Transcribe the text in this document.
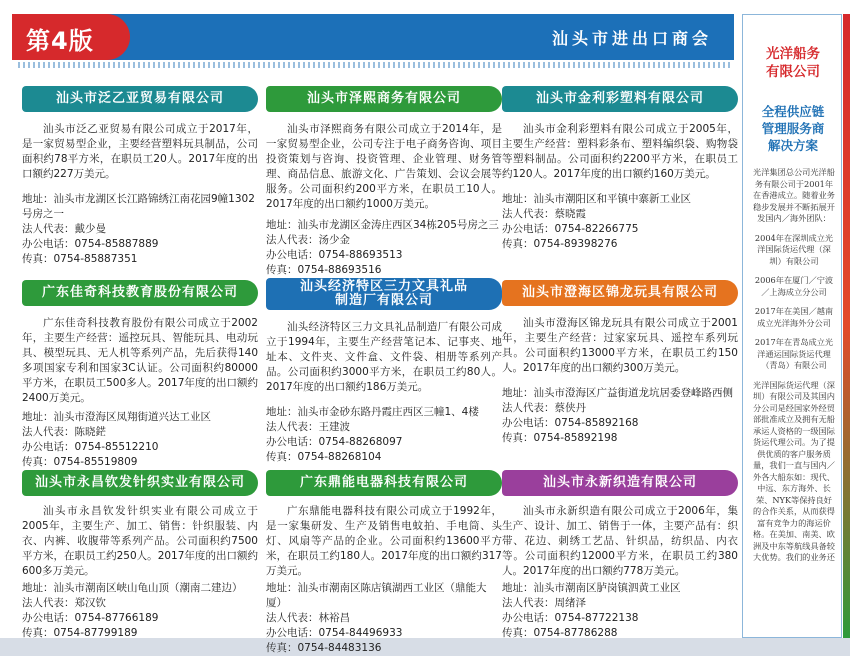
第4版	汕头市进出口商会
汕头市泛乙亚贸易有限公司
汕头市泛乙亚贸易有限公司成立于2017年，是一家贸易型企业，主要经营塑料玩具制品，公司面积约78平方米，在职员工20人。2017年度的出口额约227万美元。
地址：汕头市龙湖区长江路锦绣江南花园9幢1302号房之一
法人代表：戴少曼
办公电话：0754-85887889
传真：0754-85887351
汕头市泽熙商务有限公司
汕头市泽熙商务有限公司成立于2014年，是一家贸易型企业，公司专注于电子商务咨询、项目投资策划与咨询、投资管理、企业管理、财务管理、商品信息、旅游文化、广告策划、会议会展等服务。公司面积约200平方米，在职员工10人。2017年度的出口额约1000万美元。
地址：汕头市龙湖区金涛庄西区34栋205号房之三
法人代表：汤少金
办公电话：0754-88693513
传真：0754-88693516
汕头市金利彩塑料有限公司
汕头市金利彩塑料有限公司成立于2005年，主要生产经营：塑料彩条布、塑料编织袋、购物袋等塑料制品。公司面积约2200平方米，在职员工约120人。2017年度的出口额约160万美元。
地址：汕头市潮阳区和平镇中寨新工业区
法人代表：蔡晓霞
办公电话：0754-82266775
传真：0754-89398276
广东佳奇科技教育股份有限公司
广东佳奇科技教育股份有限公司成立于2002年，主要生产经营：遥控玩具、智能玩具、电动玩具、模型玩具、无人机等系列产品，先后获得140多项国家专利和国家3C认证。公司面积约80000平方米，在职员工500多人。2017年度的出口额约2400万美元。
地址：汕头市澄海区凤翔街道兴达工业区
法人代表：陈晓鋩
办公电话：0754-85512210
传真：0754-85519809
汕头经济特区三力文具礼品
制造厂有限公司
汕头经济特区三力文具礼品制造厂有限公司成立于1994年，主要生产经营笔记本、记事夹、地址本、文件夹、文件盒、文件袋、相册等系列产品。公司面积约3000平方米，在职员工约80人。2017年度的出口额约186万美元。
地址：汕头市金砂东路丹霞庄西区三幢1、4楼
法人代表：王建波
办公电话：0754-88268097
传真：0754-88268104
汕头市澄海区锦龙玩具有限公司
汕头市澄海区锦龙玩具有限公司成立于2001年，主要生产经营：过家家玩具、遥控车系列玩具。公司面积约13000平方米，在职员工约150人。2017年度的出口额约300万美元。
地址：汕头市澄海区广益街道龙坑居委登峰路西侧
法人代表：蔡侠丹
办公电话：0754-85892168
传真：0754-85892198
汕头市永昌钦发针织实业有限公司
汕头市永昌钦发针织实业有限公司成立于2005年，主要生产、加工、销售：针织服装、内衣、内裤、收腹带等系列产品。公司面积约7500平方米，在职员工约250人。2017年度的出口额约600多万美元。
地址：汕头市潮南区峡山龟山顶（潮南二建边）
法人代表：郑汉钦
办公电话：0754-87766189
传真：0754-87799189
广东鼎能电器科技有限公司
广东鼎能电器科技有限公司成立于1992年，是一家集研发、生产及销售电蚊拍、手电筒、头灯、风扇等产品的企业。公司面积约13600平方米，在职员工约180人。2017年度的出口额约317万美元。
地址：汕头市潮南区陈店镇湖西工业区（鼎能大厦）
法人代表：林裕昌
办公电话：0754-84496933
传真：0754-84483136
汕头市永新织造有限公司
汕头市永新织造有限公司成立于2006年，集生产、设计、加工、销售于一体，主要产品有：织带、花边、刺绣工艺品、针织品，纺织品、内衣等。公司面积约12000平方米，在职员工约380人。2017年度的出口额约778万美元。
地址：汕头市潮南区胪岗镇泗黄工业区
法人代表：周绪泽
办公电话：0754-87722138
传真：0754-87786288
光洋船务
有限公司
全程供应链
管理服务商
解决方案

光洋集团总公司光洋船务有限公司于2001年在香港成立。随着业务稳步发展并不断拓展开发国内／海外团队：

2004年在深圳成立光洋国际货运代理（深圳）有限公司

2006年在厦门／宁波／上海成立分公司

2017年在美国／越南成立光洋海外分公司

2017年在青岛成立光洋通运国际货运代理（青岛）有限公司

光洋国际货运代理（深圳）有限公司及其国内分公司是经国家外经贸部批准成立及拥有无船承运人资格的一级国际货运代理公司。为了提供优质的客户服务质量，我们一直与国内／外各大船东如：现代、中远、东方海外、长荣、NYK等保持良好的合作关系，从而获得富有竞争力的海运价格。在美加、南美、欧洲及中东等航线具备较大优势。我们的业务还
